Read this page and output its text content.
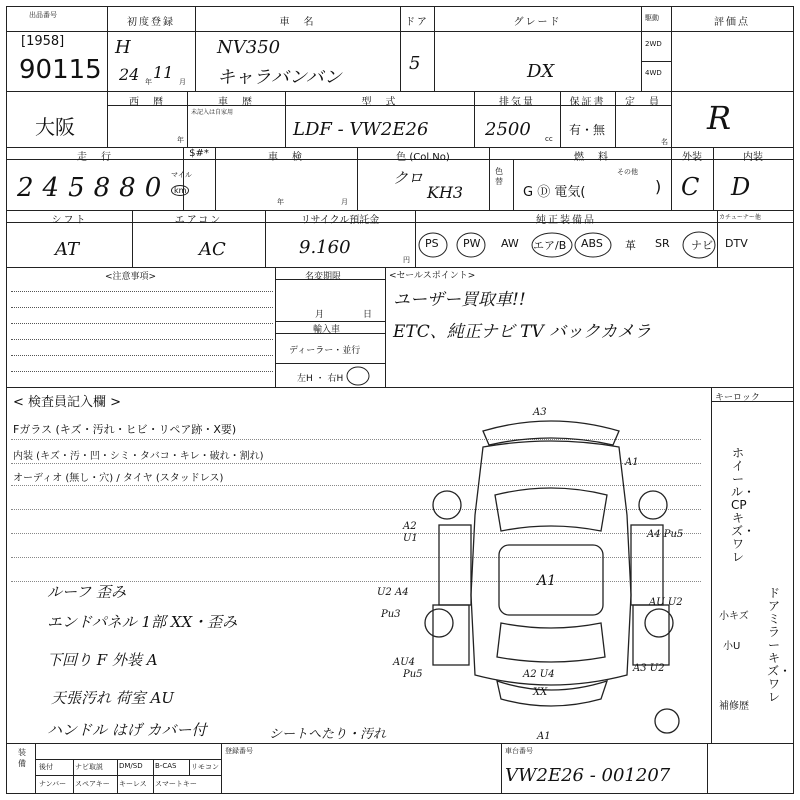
出品番号
[1958]
90115
初度登録
H
24 年 11 月
車　名
NV350
キャラバンバン
ドア
5
グレード
DX
駆動
2WD
4WD
評価点
R
大阪
西　暦
年
車　歴
未記入は自家用
型　式
LDF - VW2E26
排気量
2500 cc
保証書
有・無
定　員
名
走　行	$#*
245880 マイル
km
車　検
年	月
色 (Col.No)
クロ
KH3
色替
燃　料
G Ⓓ 電気(
その他
)
外装	内装
C D
シフト
AT
エアコン
AC
リサイクル預託金
9.160
円
純正装備品	カチューナー他
PS PW AW エア/B ABS 革 SR ナビ DTV
<注意事項>	名変期限
月	日
輸入車
ディーラー・並行
左H ・ 右H
<セールスポイント>
ユーザー買取車!!
ETC、純正ナビ TV バックカメラ
< 検査員記入欄 >
Fガラス (キズ・汚れ・ヒビ・リペア跡・X要)
内装 (キズ・汚・凹・シミ・タバコ・キレ・破れ・割れ)
オーディオ (無し・穴) / タイヤ (スタッドレス)
ルーフ 歪み
エンドパネル 1部 XX・歪み
下回り F 外装 A
天張汚れ 荷室 AU
ハンドル はげ カバー付	シートへたり・汚れ
キーロック
ホイール・CPキズ・ワレ
ドアミラー キズ・ワレ
小キズ
小U
補修歴
A3
A1
A2
U1	A4 Pu5
A1
U2 A4
Pu3
AU U2
AU4
Pu5	A2 U4
A3 U2
XX
A1
装備	後付	ナビ取説 DM/SD B-CAS リモコン
ナンバー スペアキー キーレス スマートキー
登録番号	車台番号
VW2E26 - 001207
